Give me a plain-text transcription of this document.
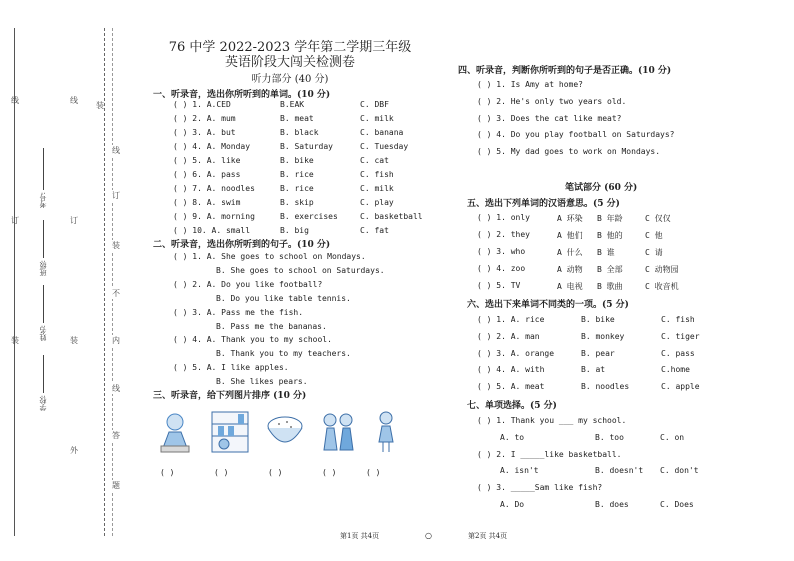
线
订
装
学校:
姓名:
班级:
考号:
线
订
装
外
装
线
订
装
不
内
线
答
题
76 中学 2022-2023 学年第二学期三年级
英语阶段大闯关检测卷
听力部分 (40 分)
一、听录音，选出你所听到的单词。(10 分)
( ) 1. A.CED	B.EAK	C. DBF
( ) 2. A. mum	B. meat	C. milk
( ) 3. A. but	B. black	C. banana
( ) 4. A. Monday	B. Saturday	C. Tuesday
( ) 5. A. like	B. bike	C. cat
( ) 6. A. pass	B. rice	C. fish
( ) 7. A. noodles	B. rice	C. milk
( ) 8. A. swim	B. skip	C. play
( ) 9. A. morning	B. exercises	C. basketball
( ) 10. A. small	B. big	C. fat
二、听录音，选出你所听到的句子。(10 分)
( ) 1. A. She goes to school on Mondays.
B. She goes to school on Saturdays.
( ) 2. A. Do you like football?
B. Do you like table tennis.
( ) 3. A. Pass me the fish.
B. Pass me the bananas.
( ) 4. A. Thank you to my school.
B. Thank you to my teachers.
( ) 5. A. I like apples.
B. She likes pears.
三、听录音，给下列图片排序 (10 分)
( )	( )	( )	( )	( )
四、听录音，判断你所听到的句子是否正确。(10 分)
( ) 1. Is Amy at home?
( ) 2. He's only two years old.
( ) 3. Does the cat like meat?
( ) 4. Do you play football on Saturdays?
( ) 5. My dad goes to work on Mondays.
笔试部分 (60 分)
五、选出下列单词的汉语意思。(5 分)
( ) 1. only	A 环染 B 年龄	C 仅仅
( ) 2. they	A 他们 B 他的	C 他
( ) 3. who	A 什么 B 谁	C 请
( ) 4. zoo	A 动物 B 全部	C 动物园
( ) 5. TV	A 电视 B 歌曲	C 收音机
六、选出下来单词不同类的一项。(5 分)
( ) 1. A. rice	B. bike	C. fish
( ) 2. A. man	B. monkey	C. tiger
( ) 3. A. orange	B. pear	C. pass
( ) 4. A. with	B. at	C.home
( ) 5. A. meat	B. noodles	C. apple
七、单项选择。(5 分)
( ) 1. Thank you ___ my school.
A. to	B. too	C. on
( ) 2. I _____like basketball.
A. isn't	B. doesn't C. don't
( ) 3. _____Sam like fish?
A. Do	B. does	C. Does
第1页 共4页	○	第2页 共4页
